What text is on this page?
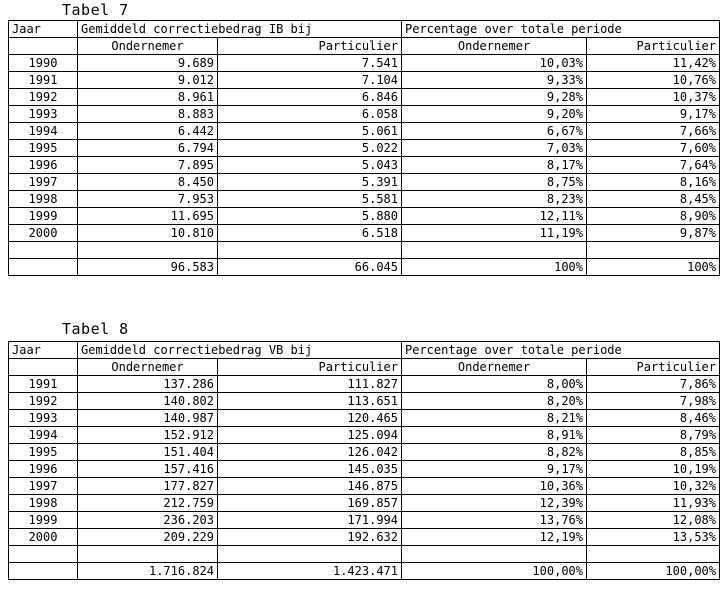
Tabel 7
Jaar	Gemiddeld correctiebedrag IB bij		Percentage over totale periode	
	Ondernemer	Particulier	Ondernemer	Particulier
1990	9.689	7.541	10,03%	11,42%
1991	9.012	7.104	9,33%	10,76%
1992	8.961	6.846	9,28%	10,37%
1993	8.883	6.058	9,20%	9,17%
1994	6.442	5.061	6,67%	7,66%
1995	6.794	5.022	7,03%	7,60%
1996	7.895	5.043	8,17%	7,64%
1997	8.450	5.391	8,75%	8,16%
1998	7.953	5.581	8,23%	8,45%
1999	11.695	5.880	12,11%	8,90%
2000	10.810	6.518	11,19%	9,87%

	96.583	66.045	100%	100%
Tabel 8
Jaar	Gemiddeld correctiebedrag VB bij		Percentage over totale periode	
	Ondernemer	Particulier	Ondernemer	Particulier
1991	137.286	111.827	8,00%	7,86%
1992	140.802	113.651	8,20%	7,98%
1993	140.987	120.465	8,21%	8,46%
1994	152.912	125.094	8,91%	8,79%
1995	151.404	126.042	8,82%	8,85%
1996	157.416	145.035	9,17%	10,19%
1997	177.827	146.875	10,36%	10,32%
1998	212.759	169.857	12,39%	11,93%
1999	236.203	171.994	13,76%	12,08%
2000	209.229	192.632	12,19%	13,53%

	1.716.824	1.423.471	100,00%	100,00%
